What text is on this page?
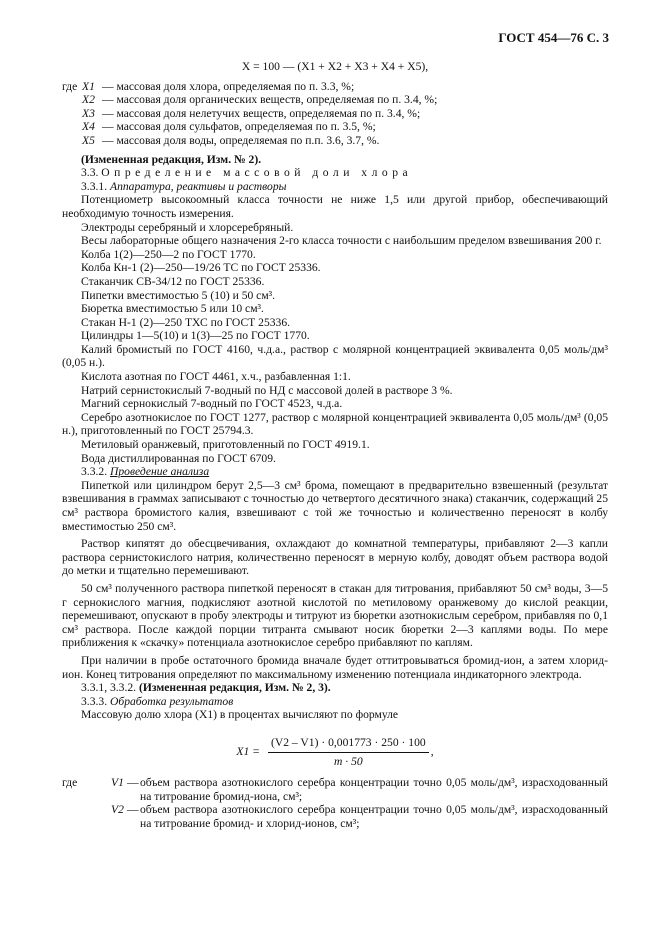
ГОСТ 454—76 С. 3

X = 100 — (X1 + X2 + X3 + X4 + X5),

где X1 — массовая доля хлора, определяемая по п. 3.3, %;
X2 — массовая доля органических веществ, определяемая по п. 3.4, %;
X3 — массовая доля нелетучих веществ, определяемая по п. 3.4, %;
X4 — массовая доля сульфатов, определяемая по п. 3.5, %;
X5 — массовая доля воды, определяемая по п.п. 3.6, 3.7, %.

(Измененная редакция, Изм. № 2).

3.3. Определение массовой доли хлора

3.3.1. Аппаратура, реактивы и растворы

Потенциометр высокоомный класса точности не ниже 1,5 или другой прибор, обеспечивающий необходимую точность измерения.

Электроды серебряный и хлорсеребряный.

Весы лабораторные общего назначения 2-го класса точности с наибольшим пределом взвешивания 200 г.

Колба 1(2)—250—2 по ГОСТ 1770.

Колба Кн-1 (2)—250—19/26 ТС по ГОСТ 25336.

Стаканчик СВ-34/12 по ГОСТ 25336.

Пипетки вместимостью 5 (10) и 50 см³.

Бюретка вместимостью 5 или 10 см³.

Стакан Н-1 (2)—250 ТХС по ГОСТ 25336.

Цилиндры 1—5(10) и 1(3)—25 по ГОСТ 1770.

Калий бромистый по ГОСТ 4160, ч.д.а., раствор с молярной концентрацией эквивалента 0,05 моль/дм³ (0,05 н.).

Кислота азотная по ГОСТ 4461, х.ч., разбавленная 1:1.

Натрий сернистокислый 7-водный по НД с массовой долей в растворе 3 %.

Магний сернокислый 7-водный по ГОСТ 4523, ч.д.а.

Серебро азотнокислое по ГОСТ 1277, раствор с молярной концентрацией эквивалента 0,05 моль/дм³ (0,05 н.), приготовленный по ГОСТ 25794.3.

Метиловый оранжевый, приготовленный по ГОСТ 4919.1.

Вода дистиллированная по ГОСТ 6709.

3.3.2. Проведение анализа

Пипеткой или цилиндром берут 2,5—3 см³ брома, помещают в предварительно взвешенный (результат взвешивания в граммах записывают с точностью до четвертого десятичного знака) стаканчик, содержащий 25 см³ раствора бромистого калия, взвешивают с той же точностью и количественно переносят в колбу вместимостью 250 см³.

Раствор кипятят до обесцвечивания, охлаждают до комнатной температуры, прибавляют 2—3 капли раствора сернистокислого натрия, количественно переносят в мерную колбу, доводят объем раствора водой до метки и тщательно перемешивают.

50 см³ полученного раствора пипеткой переносят в стакан для титрования, прибавляют 50 см³ воды, 3—5 г сернокислого магния, подкисляют азотной кислотой по метиловому оранжевому до кислой реакции, перемешивают, опускают в пробу электроды и титруют из бюретки азотнокислым серебром, прибавляя по 0,1 см³ раствора. После каждой порции титранта смывают носик бюретки 2—3 каплями воды. По мере приближения к «скачку» потенциала азотнокислое серебро прибавляют по каплям.

При наличии в пробе остаточного бромида вначале будет оттитровываться бромид-ион, а затем хлорид-ион. Конец титрования определяют по максимальному изменению потенциала индикаторного электрода.

3.3.1, 3.3.2. (Измененная редакция, Изм. № 2, 3).

3.3.3. Обработка результатов

Массовую долю хлора (X1) в процентах вычисляют по формуле

$X1 = \frac{(V2 - V1) \cdot 0,001773 \cdot 250 \cdot 100}{m \cdot 50}$ ,
где	V1 — объем раствора азотнокислого серебра концентрации точно 0,05 моль/дм³, израсходованный на титрование бромид-иона, см³;
V2 — объем раствора азотнокислого серебра концентрации точно 0,05 моль/дм³, израсходованный на титрование бромид- и хлорид-ионов, см³;
